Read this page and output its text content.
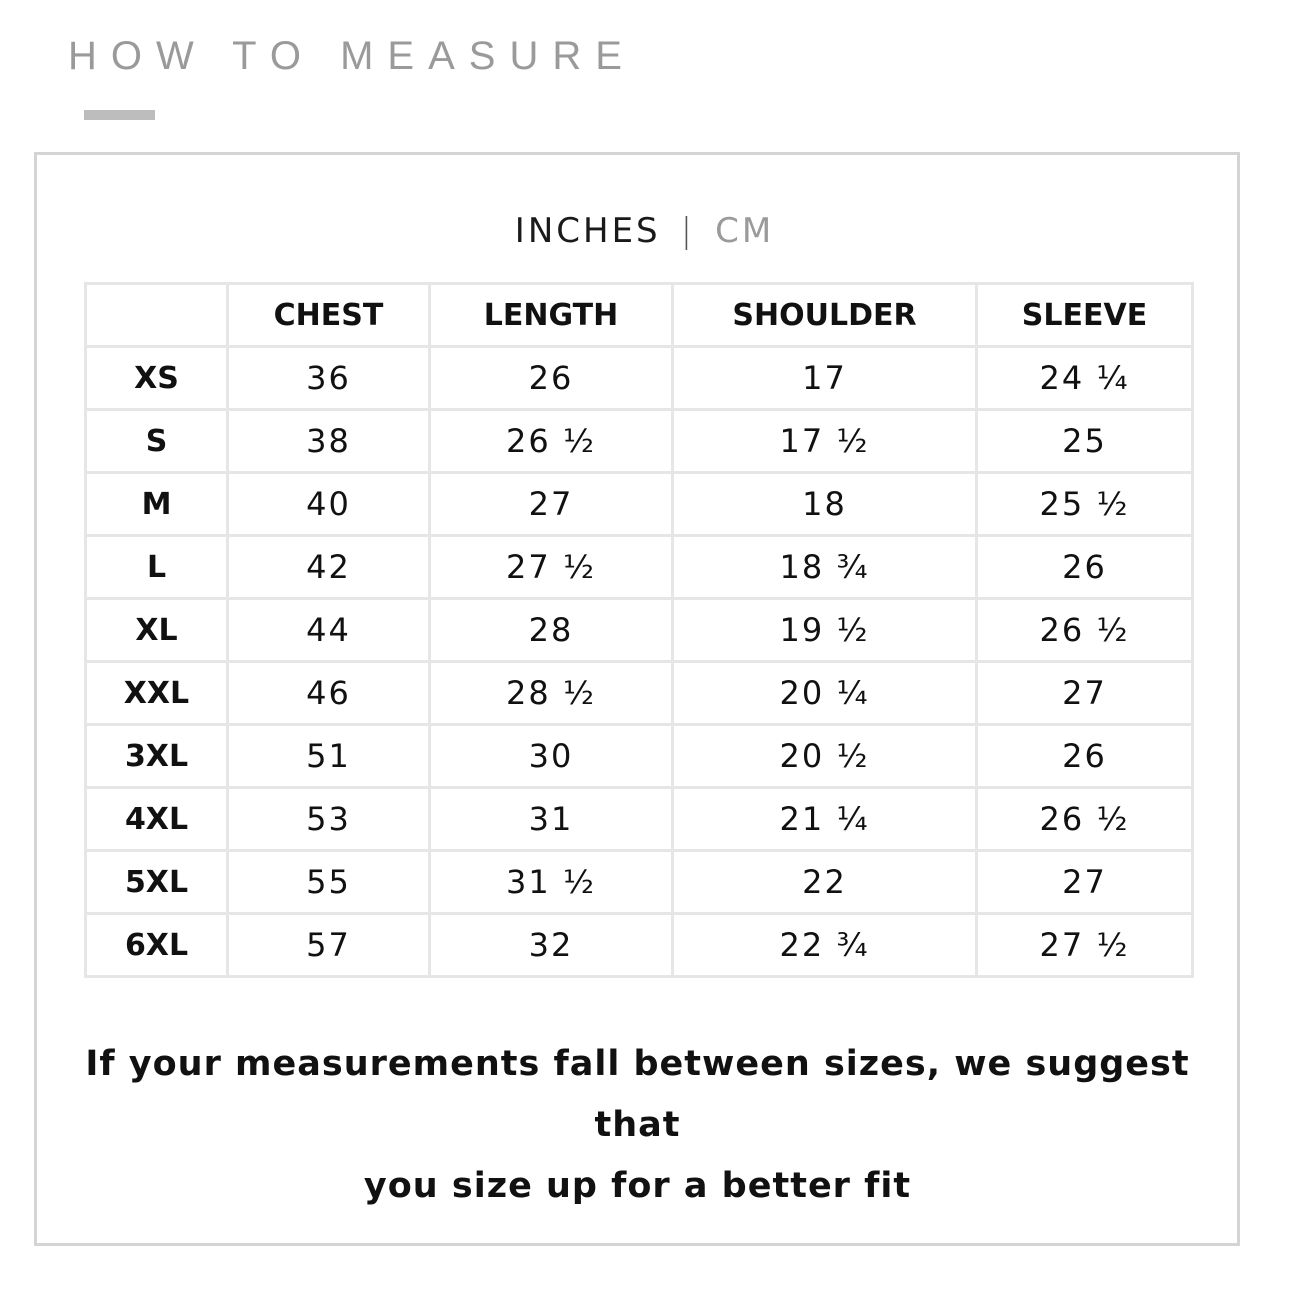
HOW TO MEASURE
INCHES | CM
	CHEST	LENGTH	SHOULDER	SLEEVE
XS	36	26	17	24 ¼
S	38	26 ½	17 ½	25
M	40	27	18	25 ½
L	42	27 ½	18 ¾	26
XL	44	28	19 ½	26 ½
XXL	46	28 ½	20 ¼	27
3XL	51	30	20 ½	26
4XL	53	31	21 ¼	26 ½
5XL	55	31 ½	22	27
6XL	57	32	22 ¾	27 ½
If your measurements fall between sizes, we suggest that
you size up for a better fit
